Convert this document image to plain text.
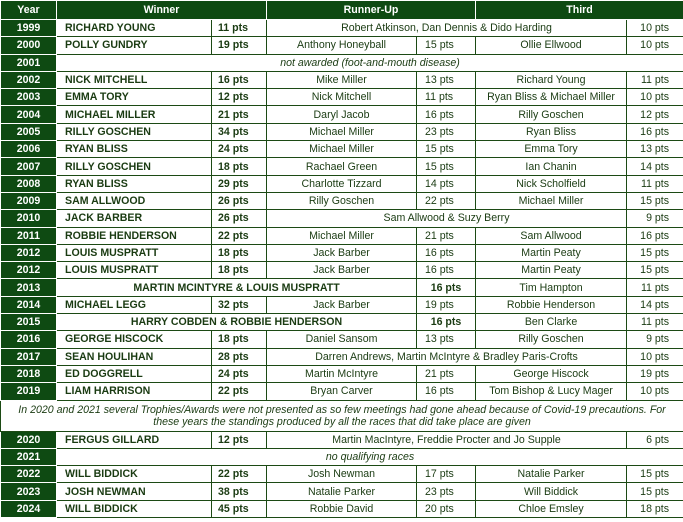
Year	Winner		Runner-Up		Third	
1999	RICHARD YOUNG	11 pts	Robert Atkinson, Dan Dennis & Dido Harding			10 pts
2000	POLLY GUNDRY	19 pts	Anthony Honeyball	15 pts	Ollie Ellwood	10 pts
2001	not awarded (foot-and-mouth disease)					
2002	NICK MITCHELL	16 pts	Mike Miller	13 pts	Richard Young	11 pts
2003	EMMA TORY	12 pts	Nick Mitchell	11 pts	Ryan Bliss & Michael Miller	10 pts
2004	MICHAEL MILLER	21 pts	Daryl Jacob	16 pts	Rilly Goschen	12 pts
2005	RILLY GOSCHEN	34 pts	Michael Miller	23 pts	Ryan Bliss	16 pts
2006	RYAN BLISS	24 pts	Michael Miller	15 pts	Emma Tory	13 pts
2007	RILLY GOSCHEN	18 pts	Rachael Green	15 pts	Ian Chanin	14 pts
2008	RYAN BLISS	29 pts	Charlotte Tizzard	14 pts	Nick Scholfield	11 pts
2009	SAM ALLWOOD	26 pts	Rilly Goschen	22 pts	Michael Miller	15 pts
2010	JACK BARBER	26 pts	Sam Allwood & Suzy Berry			9 pts
2011	ROBBIE HENDERSON	22 pts	Michael Miller	21 pts	Sam Allwood	16 pts
2012	LOUIS MUSPRATT	18 pts	Jack Barber	16 pts	Martin Peaty	15 pts
2012	LOUIS MUSPRATT	18 pts	Jack Barber	16 pts	Martin Peaty	15 pts
2013	MARTIN MCINTYRE & LOUIS MUSPRATT			16 pts	Tim Hampton	11 pts
2014	MICHAEL LEGG	32 pts	Jack Barber	19 pts	Robbie Henderson	14 pts
2015	HARRY COBDEN & ROBBIE HENDERSON			16 pts	Ben Clarke	11 pts
2016	GEORGE HISCOCK	18 pts	Daniel Sansom	13 pts	Rilly Goschen	9 pts
2017	SEAN HOULIHAN	28 pts	Darren Andrews, Martin McIntyre & Bradley Paris-Crofts			10 pts
2018	ED DOGGRELL	24 pts	Martin McIntyre	21 pts	George Hiscock	19 pts
2019	LIAM HARRISON	22 pts	Bryan Carver	16 pts	Tom Bishop & Lucy Mager	10 pts
In 2020 and 2021 several Trophies/Awards were not presented as so few meetings had gone ahead because of Covid-19 precautions. For these years the standings produced by all the races that did take place are given						
2020	FERGUS GILLARD	12 pts	Martin MacIntyre, Freddie Procter and Jo Supple			6 pts
2021	no qualifying races					
2022	WILL BIDDICK	22 pts	Josh Newman	17 pts	Natalie Parker	15 pts
2023	JOSH NEWMAN	38 pts	Natalie Parker	23 pts	Will Biddick	15 pts
2024	WILL BIDDICK	45 pts	Robbie David	20 pts	Chloe Emsley	18 pts
